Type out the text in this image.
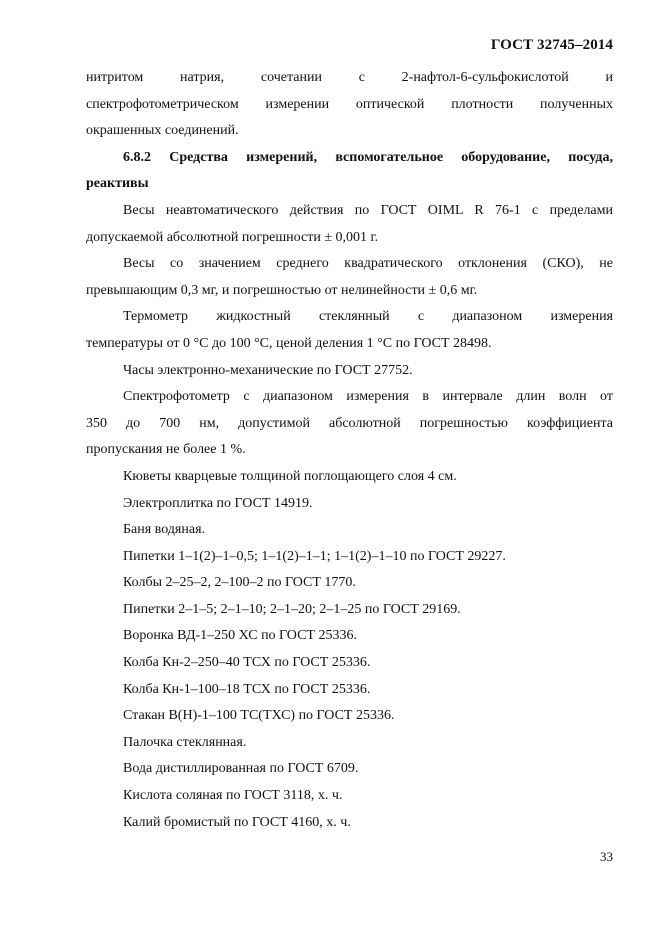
ГОСТ 32745–2014

нитритом натрия, сочетании с 2-нафтол-6-сульфокислотой и
спектрофотометрическом измерении оптической плотности полученных
окрашенных соединений.

6.8.2 Средства измерений, вспомогательное оборудование, посуда,
реактивы

Весы неавтоматического действия по ГОСТ OIML R 76-1 с пределами
допускаемой абсолютной погрешности ± 0,001 г.

Весы со значением среднего квадратического отклонения (СКО), не
превышающим 0,3 мг, и погрешностью от нелинейности ± 0,6 мг.

Термометр жидкостный стеклянный с диапазоном измерения
температуры от 0 °С до 100 °С, ценой деления 1 °С по ГОСТ 28498.

Часы электронно-механические по ГОСТ 27752.

Спектрофотометр с диапазоном измерения в интервале длин волн от
350 до 700 нм, допустимой абсолютной погрешностью коэффициента
пропускания не более 1 %.

Кюветы кварцевые толщиной поглощающего слоя 4 см.

Электроплитка по ГОСТ 14919.

Баня водяная.

Пипетки 1–1(2)–1–0,5; 1–1(2)–1–1; 1–1(2)–1–10 по ГОСТ 29227.

Колбы 2–25–2, 2–100–2 по ГОСТ 1770.

Пипетки 2–1–5; 2–1–10; 2–1–20; 2–1–25 по ГОСТ 29169.

Воронка ВД-1–250 ХС по ГОСТ 25336.

Колба Кн-2–250–40 ТСХ по ГОСТ 25336.

Колба Кн-1–100–18 ТСХ по ГОСТ 25336.

Стакан В(Н)-1–100 ТС(ТХС) по ГОСТ 25336.

Палочка стеклянная.

Вода дистиллированная по ГОСТ 6709.

Кислота соляная по ГОСТ 3118, х. ч.

Калий бромистый по ГОСТ 4160, х. ч.

33
